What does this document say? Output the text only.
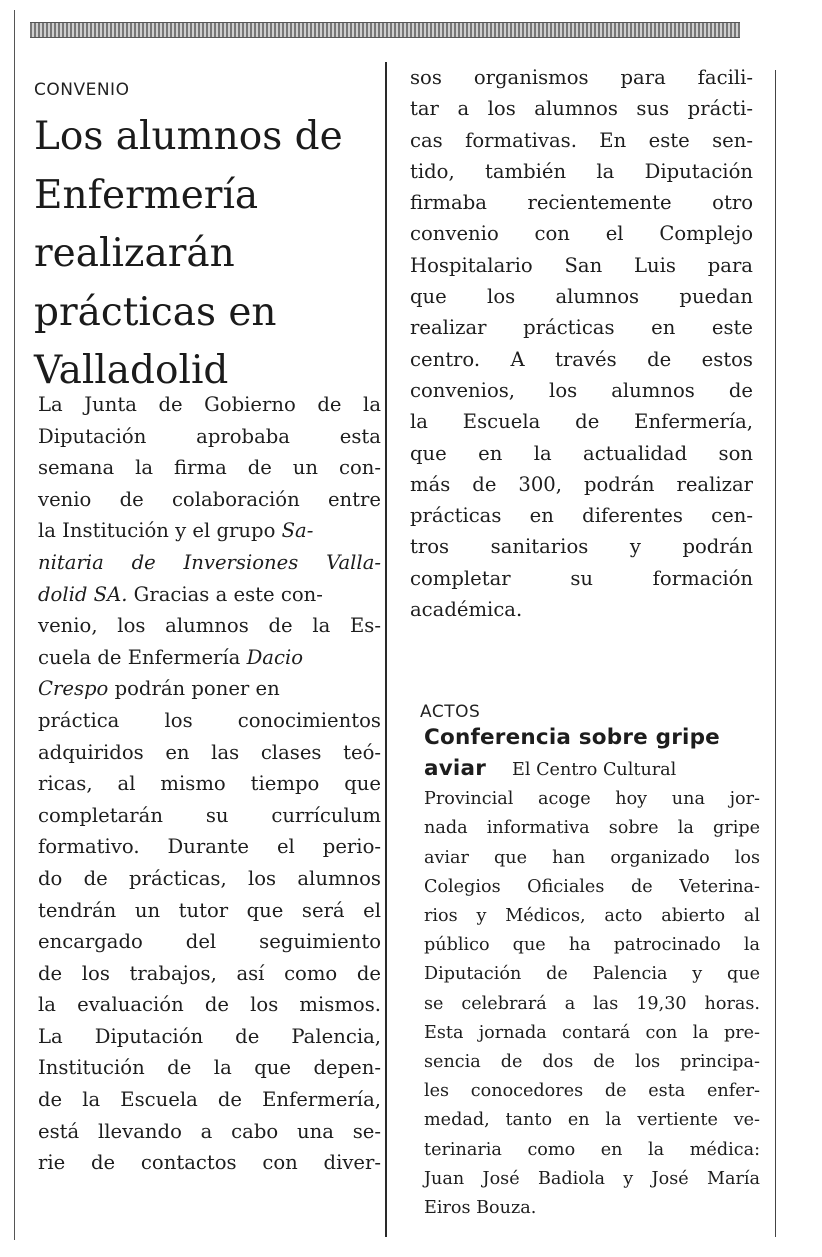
CONVENIO
Los alumnos de
Enfermería
realizarán
prácticas en
Valladolid
La Junta de Gobierno de la
Diputación aprobaba esta
semana la firma de un con-
venio de colaboración entre
la Institución y el grupo Sa-
nitaria de Inversiones Valla-
dolid SA. Gracias a este con-
venio, los alumnos de la Es-
cuela de Enfermería Dacio
Crespo podrán poner en
práctica los conocimientos
adquiridos en las clases teó-
ricas, al mismo tiempo que
completarán su currículum
formativo. Durante el perio-
do de prácticas, los alumnos
tendrán un tutor que será el
encargado del seguimiento
de los trabajos, así como de
la evaluación de los mismos.
La Diputación de Palencia,
Institución de la que depen-
de la Escuela de Enfermería,
está llevando a cabo una se-
rie de contactos con diver-
sos organismos para facili-
tar a los alumnos sus prácti-
cas formativas. En este sen-
tido, también la Diputación
firmaba recientemente otro
convenio con el Complejo
Hospitalario San Luis para
que los alumnos puedan
realizar prácticas en este
centro. A través de estos
convenios, los alumnos de
la Escuela de Enfermería,
que en la actualidad son
más de 300, podrán realizar
prácticas en diferentes cen-
tros sanitarios y podrán
completar su formación
académica.
ACTOS
Conferencia sobre gripe
aviar El Centro Cultural
Provincial acoge hoy una jor-
nada informativa sobre la gripe
aviar que han organizado los
Colegios Oficiales de Veterina-
rios y Médicos, acto abierto al
público que ha patrocinado la
Diputación de Palencia y que
se celebrará a las 19,30 horas.
Esta jornada contará con la pre-
sencia de dos de los principa-
les conocedores de esta enfer-
medad, tanto en la vertiente ve-
terinaria como en la médica:
Juan José Badiola y José María
Eiros Bouza.
